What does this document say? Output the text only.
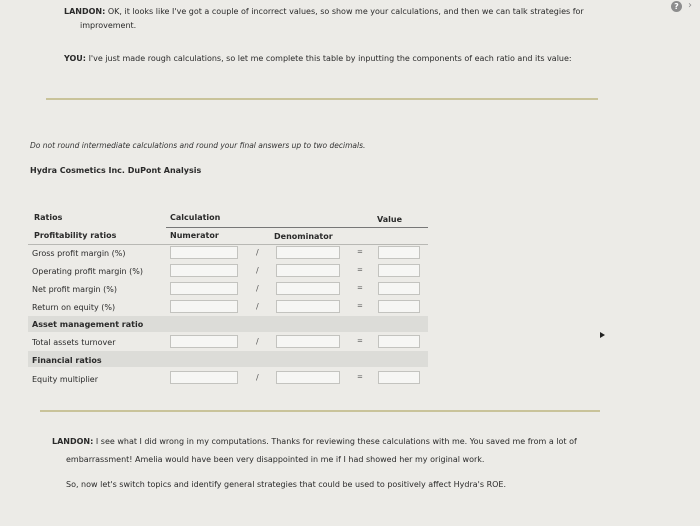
? ›
LANDON: OK, it looks like I've got a couple of incorrect values, so show me your calculations, and then we can talk strategies for
improvement.
YOU: I've just made rough calculations, so let me complete this table by inputting the components of each ratio and its value:
Do not round intermediate calculations and round your final answers up to two decimals.
Hydra Cosmetics Inc. DuPont Analysis
Ratios	Calculation	Value
Profitability ratios	Numerator	Denominator
Gross profit margin (%)	/	=
Operating profit margin (%)	/	=
Net profit margin (%)	/	=
Return on equity (%)	/	=
Asset management ratio
Total assets turnover	/	=
Financial ratios
Equity multiplier	/	=
LANDON: I see what I did wrong in my computations. Thanks for reviewing these calculations with me. You saved me from a lot of
embarrassment! Amelia would have been very disappointed in me if I had showed her my original work.
So, now let's switch topics and identify general strategies that could be used to positively affect Hydra's ROE.
